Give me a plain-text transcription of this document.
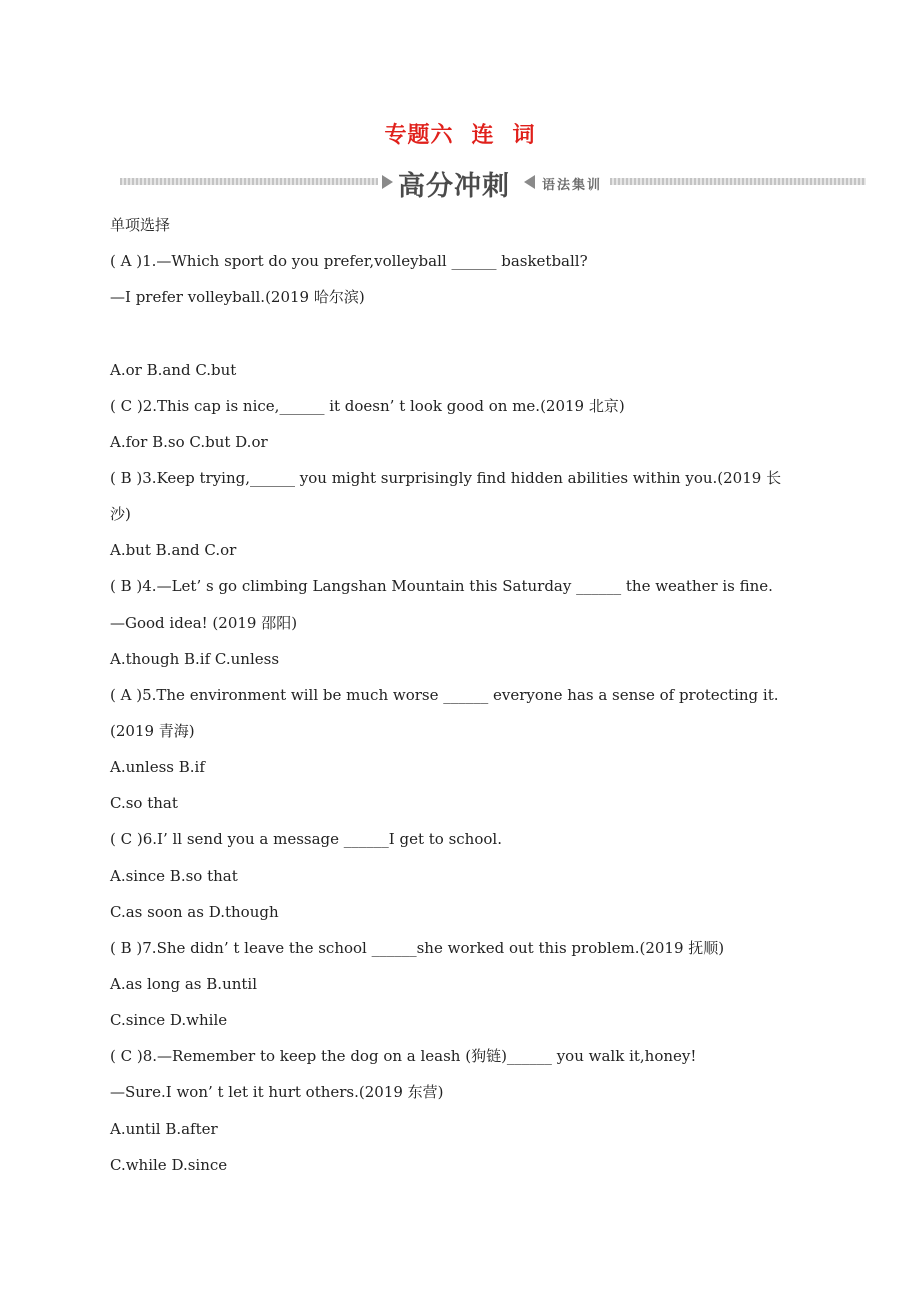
专题六 连 词
高分冲刺 语法集训
单项选择
( A )1.—Which sport do you prefer,volleyball ______ basketball?
—I prefer volleyball.(2019 哈尔滨)
A.or B.and C.but
( C )2.This cap is nice,______ it doesn’ t look good on me.(2019 北京)
A.for B.so C.but D.or
( B )3.Keep trying,______ you might surprisingly find hidden abilities within you.(2019 长
沙)
A.but B.and C.or
( B )4.—Let’ s go climbing Langshan Mountain this Saturday ______ the weather is fine.
—Good idea! (2019 邵阳)
A.though B.if C.unless
( A )5.The environment will be much worse ______ everyone has a sense of protecting it.
(2019 青海)
A.unless B.if
C.so that
( C )6.I’ ll send you a message ______I get to school.
A.since B.so that
C.as soon as D.though
( B )7.She didn’ t leave the school ______she worked out this problem.(2019 抚顺)
A.as long as B.until
C.since D.while
( C )8.—Remember to keep the dog on a leash (狗链)______ you walk it,honey!
—Sure.I won’ t let it hurt others.(2019 东营)
A.until B.after
C.while D.since
